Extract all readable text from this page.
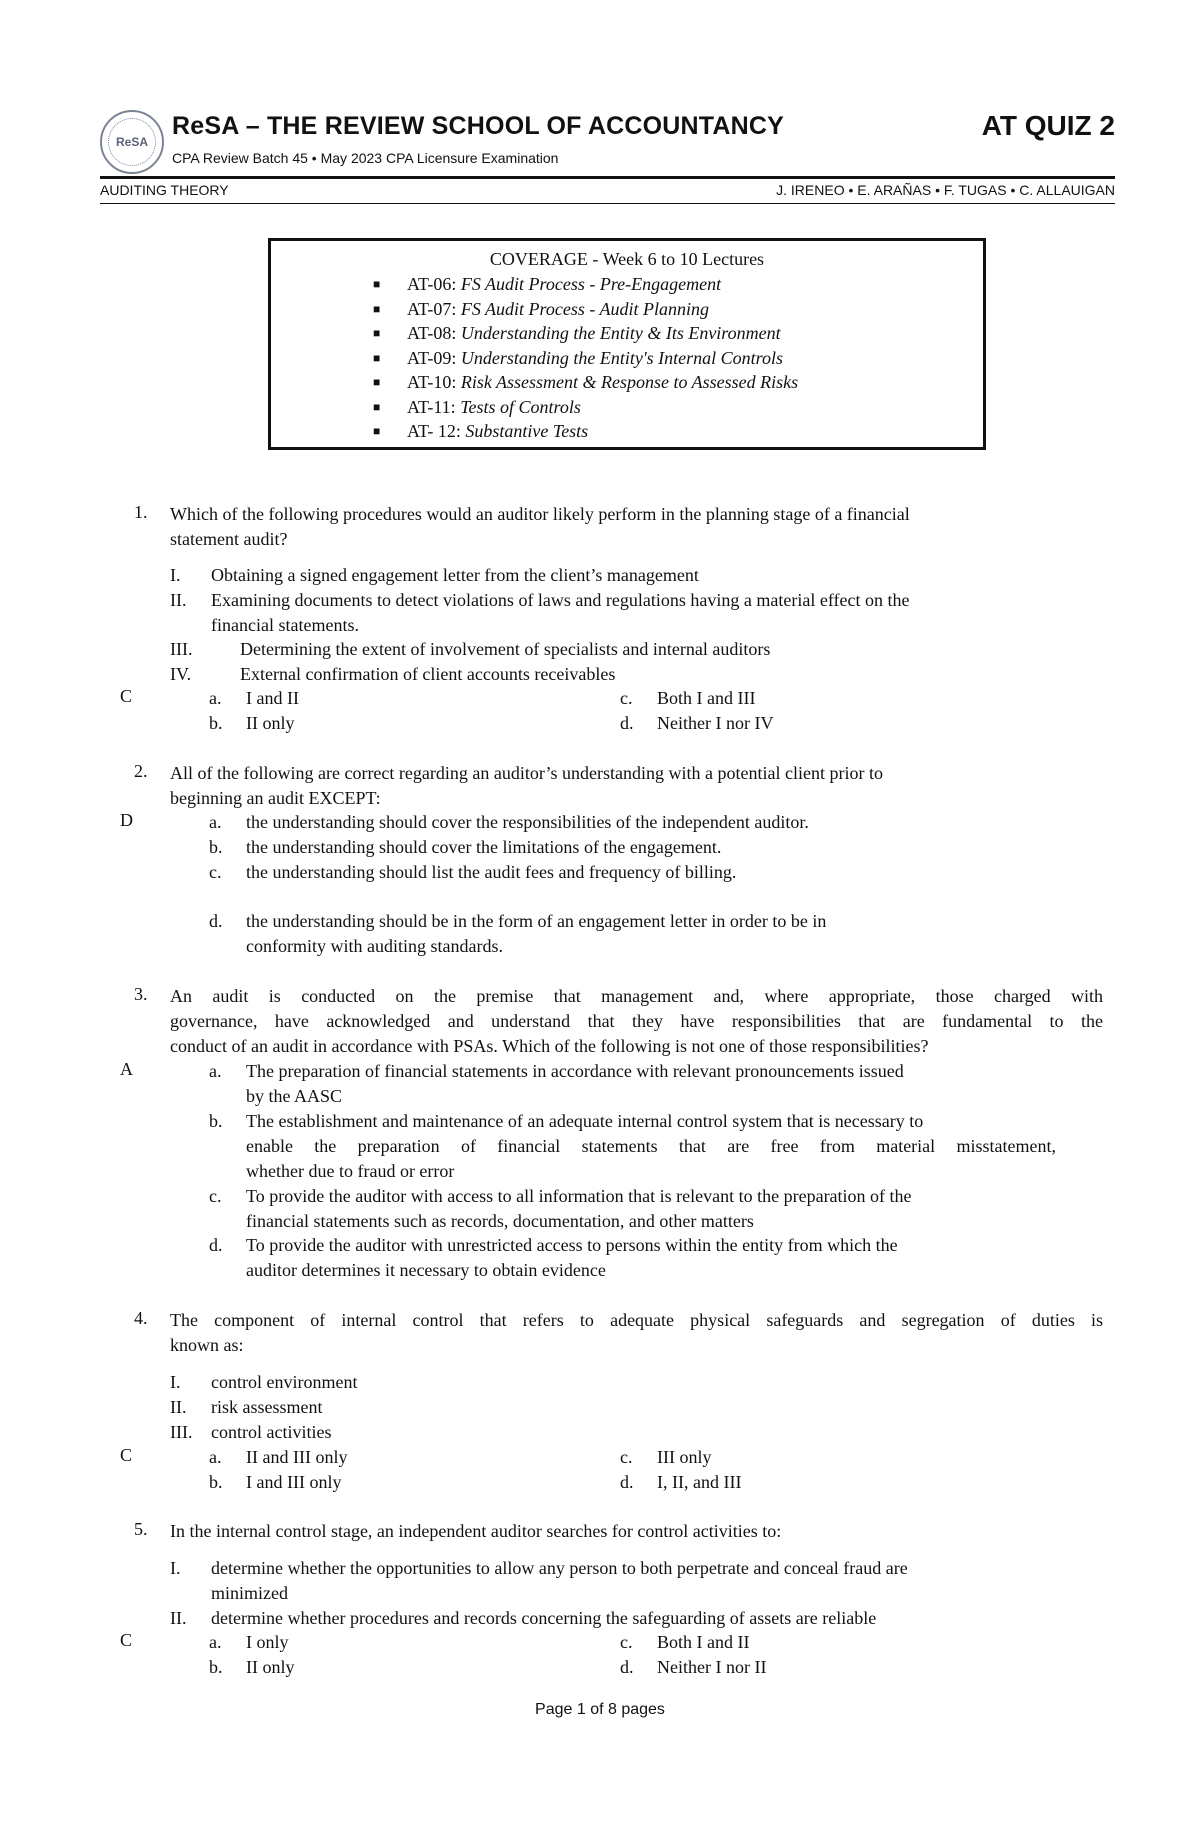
ReSA
ReSA – THE REVIEW SCHOOL OF ACCOUNTANCY
CPA Review Batch 45 • May 2023 CPA Licensure Examination
AT QUIZ 2
AUDITING THEORY	J. IRENEO • E. ARAÑAS • F. TUGAS • C. ALLAUIGAN
COVERAGE - Week 6 to 10 Lectures
■ AT-06: FS Audit Process - Pre-Engagement
■ AT-07: FS Audit Process - Audit Planning
■ AT-08: Understanding the Entity & Its Environment
■ AT-09: Understanding the Entity's Internal Controls
■ AT-10: Risk Assessment & Response to Assessed Risks
■ AT-11: Tests of Controls
■ AT- 12: Substantive Tests
1. Which of the following procedures would an auditor likely perform in the planning stage of a financial
statement audit?
I. Obtaining a signed engagement letter from the client’s management
II. Examining documents to detect violations of laws and regulations having a material effect on the
financial statements.
III.	Determining the extent of involvement of specialists and internal auditors
IV.	External confirmation of client accounts receivables
C	a. I and II	c. Both I and III
b. II only	d. Neither I nor IV
2. All of the following are correct regarding an auditor’s understanding with a potential client prior to
beginning an audit EXCEPT:
D	a. the understanding should cover the responsibilities of the independent auditor.
b. the understanding should cover the limitations of the engagement.
c. the understanding should list the audit fees and frequency of billing.
d. the understanding should be in the form of an engagement letter in order to be in
conformity with auditing standards.
3. An audit is conducted on the premise that management and, where appropriate, those charged with
governance, have acknowledged and understand that they have responsibilities that are fundamental to the
conduct of an audit in accordance with PSAs. Which of the following is not one of those responsibilities?
A	a. The preparation of financial statements in accordance with relevant pronouncements issued
by the AASC
b. The establishment and maintenance of an adequate internal control system that is necessary to
enable the preparation of financial statements that are free from material misstatement,
whether due to fraud or error
c. To provide the auditor with access to all information that is relevant to the preparation of the
financial statements such as records, documentation, and other matters
d. To provide the auditor with unrestricted access to persons within the entity from which the
auditor determines it necessary to obtain evidence
4. The component of internal control that refers to adequate physical safeguards and segregation of duties is
known as:
I. control environment
II. risk assessment
III. control activities
C	a. II and III only	c. III only
b. I and III only	d. I, II, and III
5. In the internal control stage, an independent auditor searches for control activities to:
I. determine whether the opportunities to allow any person to both perpetrate and conceal fraud are
minimized
II. determine whether procedures and records concerning the safeguarding of assets are reliable
C	a. I only	c. Both I and II
b. II only	d. Neither I nor II
Page 1 of 8 pages
